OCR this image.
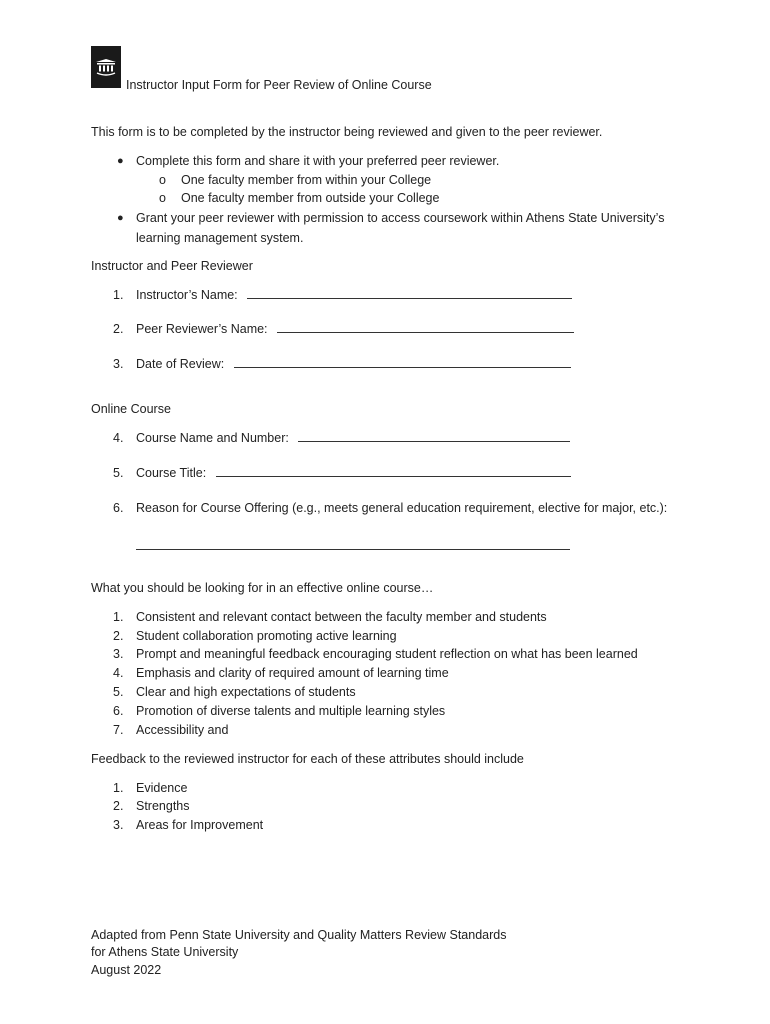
Instructor Input Form for Peer Review of Online Course
This form is to be completed by the instructor being reviewed and given to the peer reviewer.
● Complete this form and share it with your preferred peer reviewer.
o One faculty member from within your College
o One faculty member from outside your College
● Grant your peer reviewer with permission to access coursework within Athens State University’s
learning management system.
Instructor and Peer Reviewer
1. Instructor’s Name:
2. Peer Reviewer’s Name:
3. Date of Review:
Online Course
4. Course Name and Number:
5. Course Title:
6. Reason for Course Offering (e.g., meets general education requirement, elective for major, etc.):
What you should be looking for in an effective online course…
1. Consistent and relevant contact between the faculty member and students
2. Student collaboration promoting active learning
3. Prompt and meaningful feedback encouraging student reflection on what has been learned
4. Emphasis and clarity of required amount of learning time
5. Clear and high expectations of students
6. Promotion of diverse talents and multiple learning styles
7. Accessibility and
Feedback to the reviewed instructor for each of these attributes should include
1. Evidence
2. Strengths
3. Areas for Improvement
Adapted from Penn State University and Quality Matters Review Standards
for Athens State University
August 2022
